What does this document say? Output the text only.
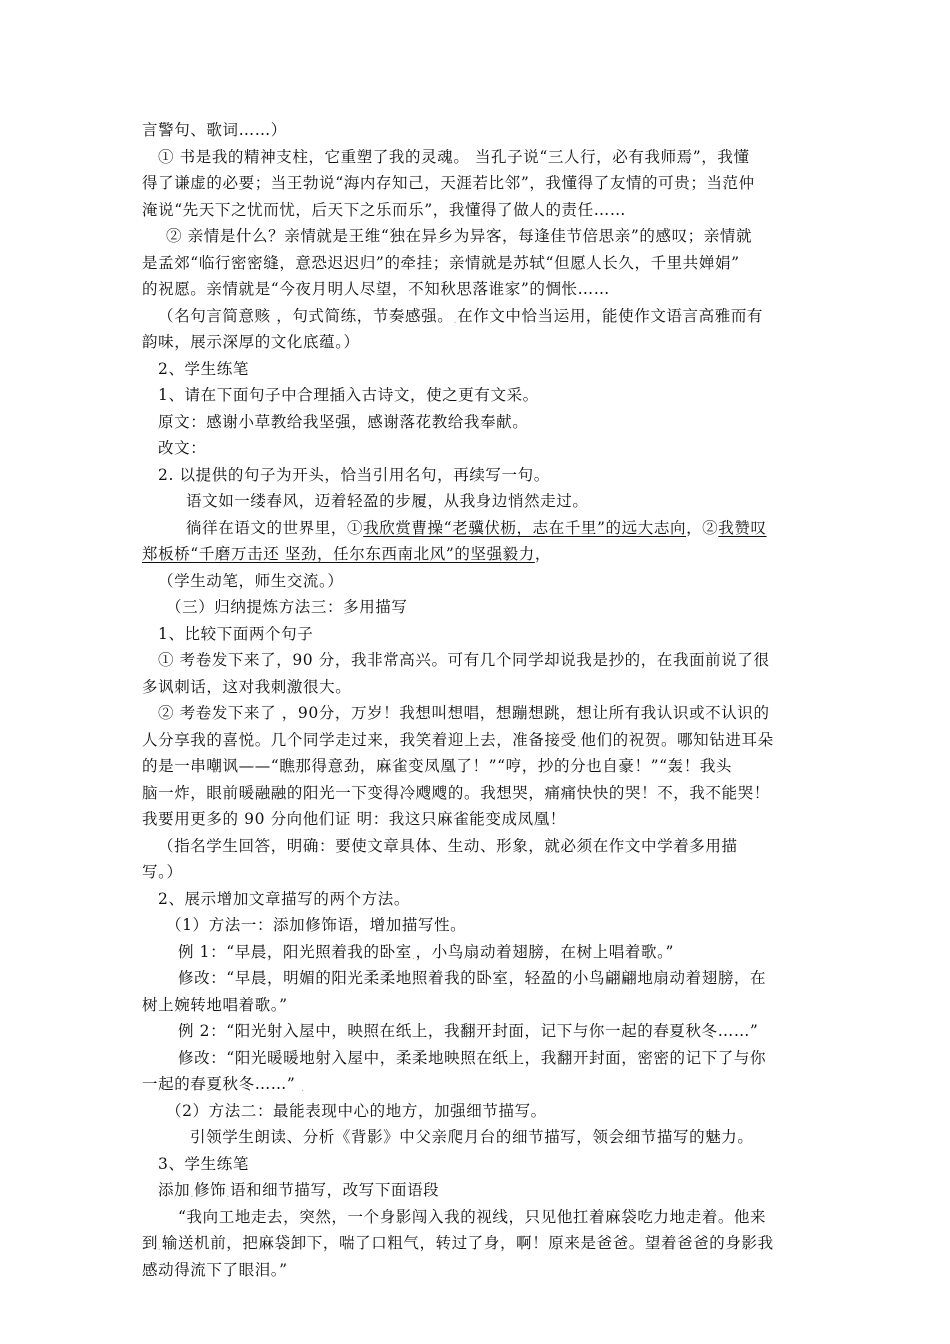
言警句、歌词……）
① 书是我的精神支柱，它重塑了我的灵魂。 当孔子说“三人行，必有我师焉”，我懂
得了谦虚的必要；当王勃说“海内存知己，天涯若比邻”，我懂得了友情的可贵；当范仲
淹说“先天下之忧而忧，后天下之乐而乐”，我懂得了做人的责任……
② 亲情是什么？亲情就是王维“独在异乡为异客，每逢佳节倍思亲”的感叹；亲情就
是孟郊“临行密密缝，意恐迟迟归”的牵挂；亲情就是苏轼“但愿人长久，千里共婵娟”
的祝愿。亲情就是“今夜月明人尽望，不知秋思落谁家”的惆怅……
（名句言简意赅 ，句式简练，节奏感强。.在作文中恰当运用，能使作文语言高雅而有
韵味，展示深厚的文化底蕴。）
2、学生练笔
1、请在下面句子中合理插入古诗文，使之更有文采。
原文：感谢小草教给我坚强，感谢落花教给我奉献。
改文：
2. 以提供的句子为开头，恰当引用名句，再续写一句。
语文如一缕春风，迈着轻盈的步履，从我身边悄然走过。
徜徉在语文的世界里，①我欣赏曹操“老骥伏枥，志在千里”的远大志向，②我赞叹
郑板桥“千磨万击还 坚劲，任尔东西南北风”的坚强毅力，
（学生动笔，师生交流。）
（三）归纳提炼方法三：多用描写
1、比较下面两个句子
① 考卷发下来了，90 分，我非常高兴。可有几个同学却说我是抄的，在我面前说了很
多讽刺话，这对我刺激很大。
② 考卷发下来了 ，90分，万岁！我想叫想唱，想蹦想跳，想让所有我认识或不认识的
人分享我的喜悦。几个同学走过来，我笑着迎上去，准备接受.他们的祝贺。哪知钻进耳朵
的是一串嘲讽——“瞧那得意劲，麻雀变凤凰了！”“哼，抄的分也自豪！”“轰！我头
脑一炸，眼前暖融融的阳光一下变得冷飕飕的。我想哭，痛痛快快的哭！不，我不能哭！
我要用更多的 90 分向他们证 明：我这只麻雀能变成凤凰！
（指名学生回答，明确：要使文章具体、生动、形象，就必须在作文中学着多用描
写。）
2、展示增加文章描写的两个方法。
（1）方法一：添加修饰语，增加描写性。
例 1：“早晨，阳光照着我的卧室.，小鸟扇动着翅膀，在树上唱着歌。”
修改：“早晨，明媚的阳光柔柔地照着我的卧室，轻盈的小鸟翩翩地扇动着翅膀，在
树上婉转地唱着歌。”
例 2：“阳光射入屋中，映照在纸上，我翻开封面，记下与你一起的春夏秋冬……”
修改：“阳光暖暖地射入屋中，柔柔地映照在纸上，我翻开封面，密密的记下了与你
一起的春夏秋冬……” .
（2）方法二：最能表现中心的地方，加强细节描写。
引领学生朗读、分析《背影》中父亲爬月台的细节描写，领会细节描写的魅力。
3、学生练笔
添加.修饰.语和细节描写，改写下面语段
“我向工地走去，突然，一个身影闯入我的视线，只见他扛着麻袋吃力地走着。他来
到.输送机前，把麻袋卸下，喘了口粗气，转过了身，啊！原来是爸爸。望着爸爸的身影我
感动得流下了眼泪。”
